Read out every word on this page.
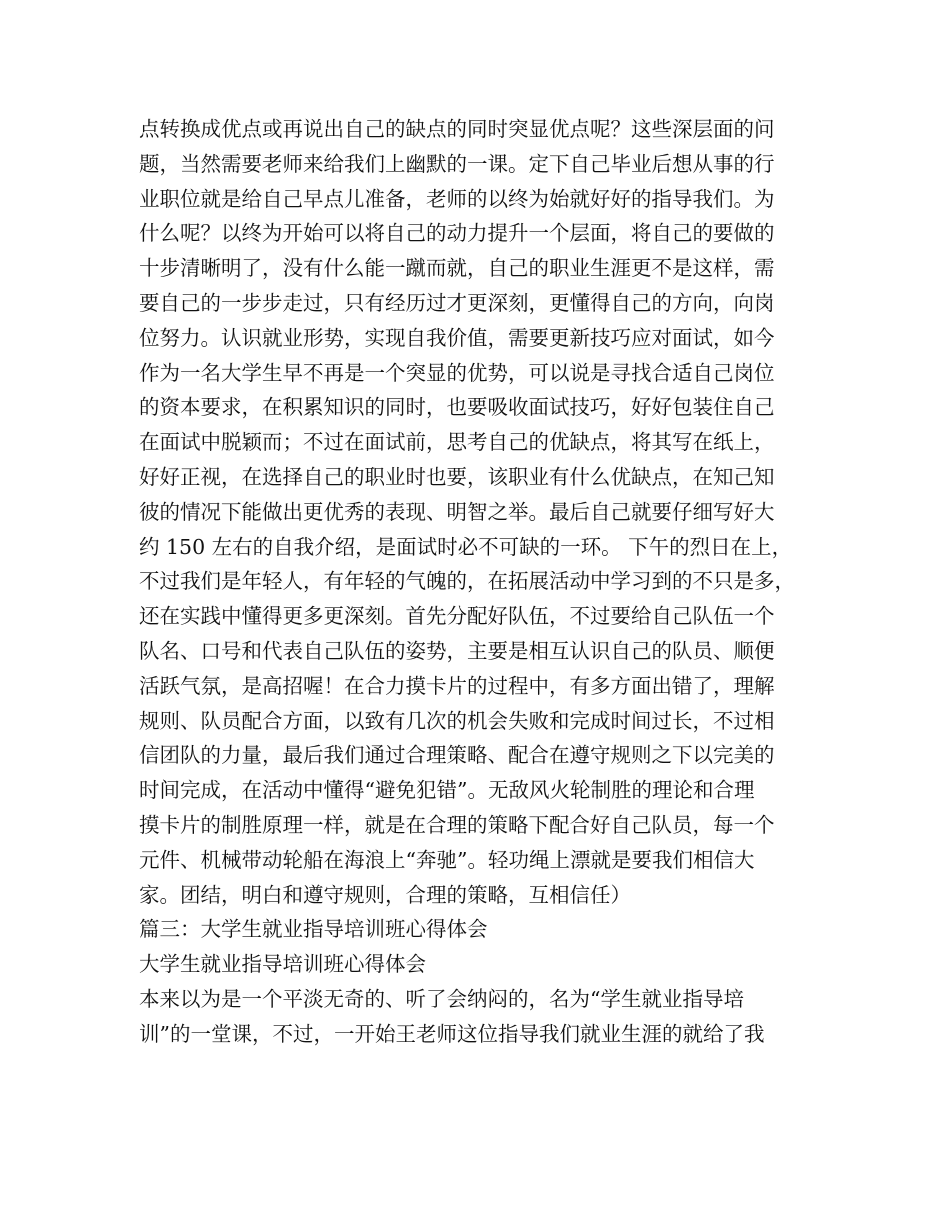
点转换成优点或再说出自己的缺点的同时突显优点呢？这些深层面的问
题，当然需要老师来给我们上幽默的一课。定下自己毕业后想从事的行
业职位就是给自己早点儿准备，老师的以终为始就好好的指导我们。为
什么呢？以终为开始可以将自己的动力提升一个层面，将自己的要做的
十步清晰明了，没有什么能一蹴而就，自己的职业生涯更不是这样，需
要自己的一步步走过，只有经历过才更深刻，更懂得自己的方向，向岗
位努力。认识就业形势，实现自我价值，需要更新技巧应对面试，如今
作为一名大学生早不再是一个突显的优势，可以说是寻找合适自己岗位
的资本要求，在积累知识的同时，也要吸收面试技巧，好好包装住自己
在面试中脱颖而；不过在面试前，思考自己的优缺点，将其写在纸上，
好好正视，在选择自己的职业时也要，该职业有什么优缺点，在知己知
彼的情况下能做出更优秀的表现、明智之举。最后自己就要仔细写好大
约 150 左右的自我介绍，是面试时必不可缺的一环。 下午的烈日在上，
不过我们是年轻人，有年轻的气魄的，在拓展活动中学习到的不只是多，
还在实践中懂得更多更深刻。首先分配好队伍，不过要给自己队伍一个
队名、口号和代表自己队伍的姿势，主要是相互认识自己的队员、顺便
活跃气氛，是高招喔！在合力摸卡片的过程中，有多方面出错了，理解
规则、队员配合方面，以致有几次的机会失败和完成时间过长，不过相
信团队的力量，最后我们通过合理策略、配合在遵守规则之下以完美的
时间完成，在活动中懂得“避免犯错”。无敌风火轮制胜的理论和合理
摸卡片的制胜原理一样，就是在合理的策略下配合好自己队员，每一个
元件、机械带动轮船在海浪上“奔驰”。轻功绳上漂就是要我们相信大
家。团结，明白和遵守规则，合理的策略，互相信任）
篇三：大学生就业指导培训班心得体会
大学生就业指导培训班心得体会
本来以为是一个平淡无奇的、听了会纳闷的，名为“学生就业指导培
训”的一堂课，不过，一开始王老师这位指导我们就业生涯的就给了我
